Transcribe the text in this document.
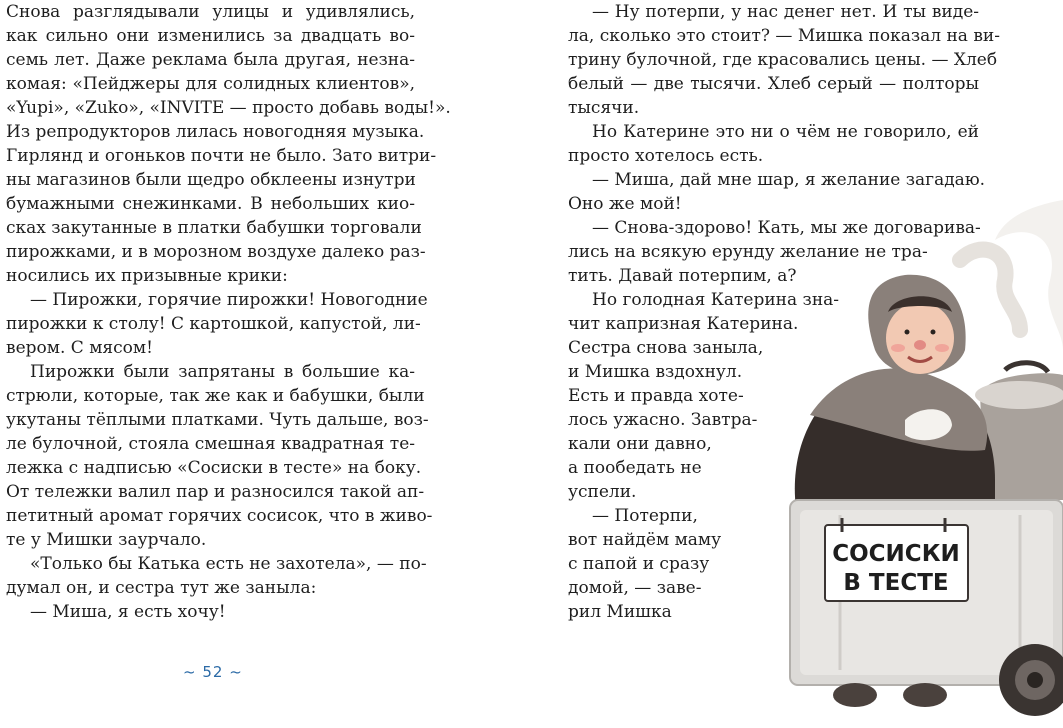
Снова разглядывали улицы и удивлялись,
как сильно они изменились за двадцать во-
семь лет. Даже реклама была другая, незна-
комая: «Пейджеры для солидных клиентов»,
«Yupi», «Zuko», «INVITE — просто добавь воды!».
Из репродукторов лилась новогодняя музыка.
Гирлянд и огоньков почти не было. Зато витри-
ны магазинов были щедро обклеены изнутри
бумажными снежинками. В небольших кио-
сках закутанные в платки бабушки торговали
пирожками, и в морозном воздухе далеко раз-
носились их призывные крики:
— Пирожки, горячие пирожки! Новогодние
пирожки к столу! С картошкой, капустой, ли-
вером. С мясом!
Пирожки были запрятаны в большие ка-
стрюли, которые, так же как и бабушки, были
укутаны тёплыми платками. Чуть дальше, воз-
ле булочной, стояла смешная квадратная те-
лежка с надписью «Сосиски в тесте» на боку.
От тележки валил пар и разносился такой ап-
петитный аромат горячих сосисок, что в живо-
те у Мишки заурчало.
«Только бы Катька есть не захотела», — по-
думал он, и сестра тут же заныла:
— Миша, я есть хочу!
~ 52 ~
— Ну потерпи, у нас денег нет. И ты виде-
ла, сколько это стоит? — Мишка показал на ви-
трину булочной, где красовались цены. — Хлеб
белый — две тысячи. Хлеб серый — полторы
тысячи.
Но Катерине это ни о чём не говорило, ей
просто хотелось есть.
— Миша, дай мне шар, я желание загадаю.
Оно же мой!
— Снова-здорово! Кать, мы же договарива-
лись на всякую ерунду желание не тра-
тить. Давай потерпим, а?
Но голодная Катерина зна-
чит капризная Катерина.
Сестра снова заныла,
и Мишка вздохнул.
Есть и правда хоте-
лось ужасно. Завтра-
кали они давно,
а пообедать не
успели.
— Потерпи,
вот найдём маму
с папой и сразу
домой, — заве-
рил Мишка
СОСИСКИ
В ТЕСТЕ
